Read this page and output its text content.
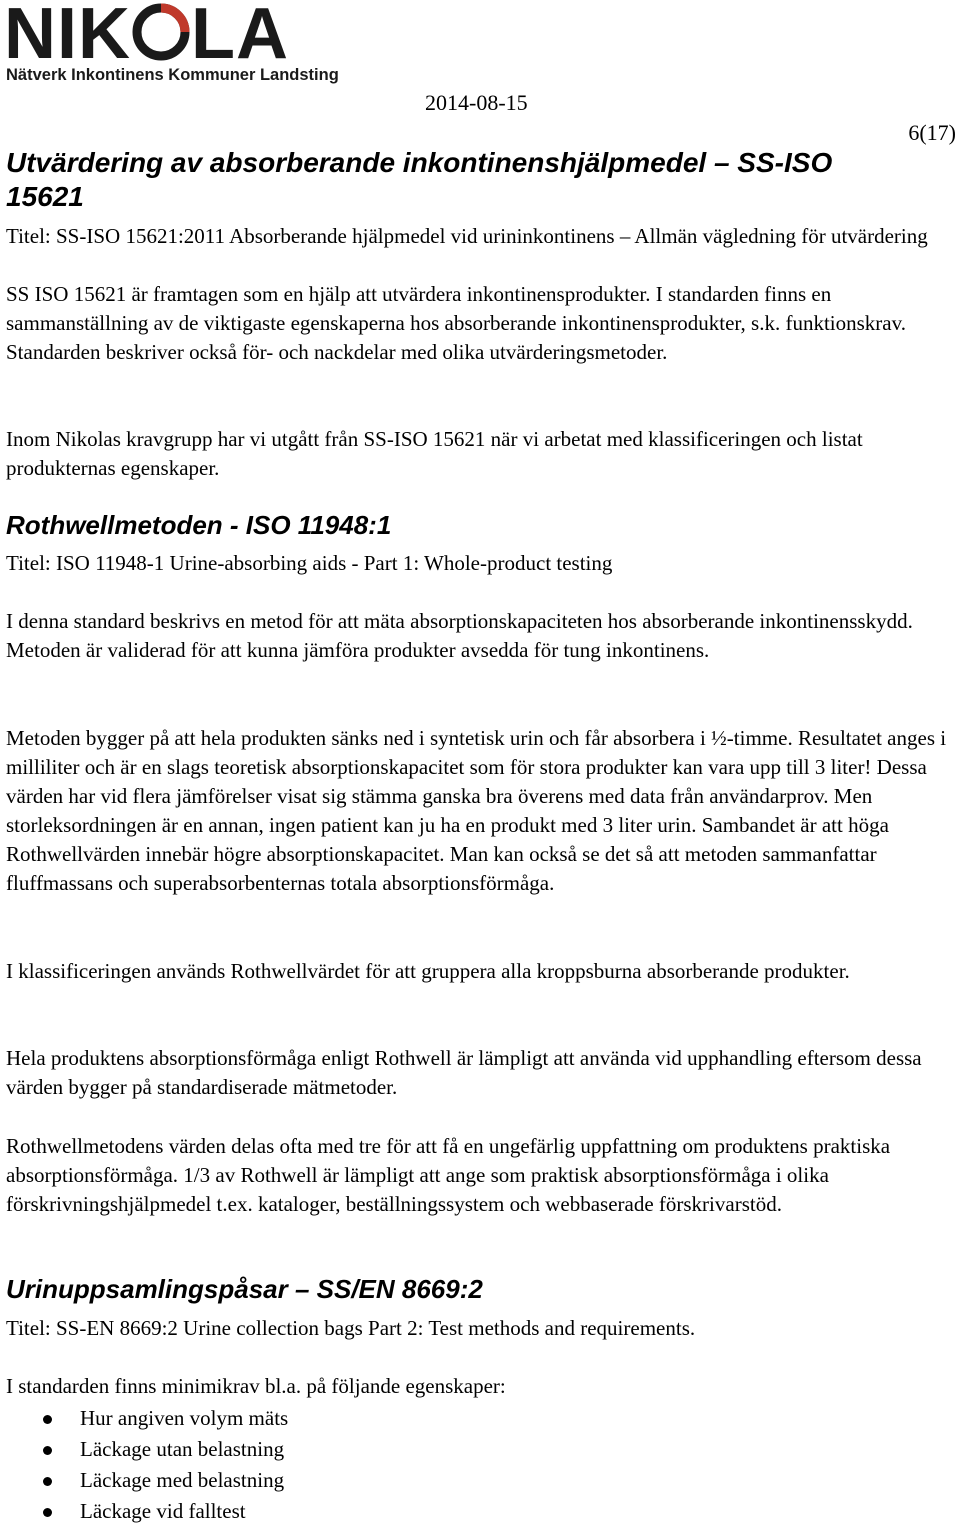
NIK LA
Nätverk Inkontinens Kommuner Landsting
2014-08-15
6(17)
Utvärdering av absorberande inkontinenshjälpmedel – SS-ISO 15621

Titel: SS-ISO 15621:2011 Absorberande hjälpmedel vid urininkontinens – Allmän vägledning för utvärdering

SS ISO 15621 är framtagen som en hjälp att utvärdera inkontinensprodukter. I standarden finns en sammanställning av de viktigaste egenskaperna hos absorberande inkontinensprodukter, s.k. funktionskrav. Standarden beskriver också för- och nackdelar med olika utvärderingsmetoder.

Inom Nikolas kravgrupp har vi utgått från SS-ISO 15621 när vi arbetat med klassificeringen och listat produkternas egenskaper.

Rothwellmetoden - ISO 11948:1

Titel: ISO 11948-1 Urine-absorbing aids - Part 1: Whole-product testing

I denna standard beskrivs en metod för att mäta absorptionskapaciteten hos absorberande inkontinensskydd. Metoden är validerad för att kunna jämföra produkter avsedda för tung inkontinens.

Metoden bygger på att hela produkten sänks ned i syntetisk urin och får absorbera i ½-timme. Resultatet anges i milliliter och är en slags teoretisk absorptionskapacitet som för stora produkter kan vara upp till 3 liter! Dessa värden har vid flera jämförelser visat sig stämma ganska bra överens med data från användarprov. Men storleksordningen är en annan, ingen patient kan ju ha en produkt med 3 liter urin. Sambandet är att höga Rothwellvärden innebär högre absorptionskapacitet. Man kan också se det så att metoden sammanfattar fluffmassans och superabsorbenternas totala absorptionsförmåga.

I klassificeringen används Rothwellvärdet för att gruppera alla kroppsburna absorberande produkter.

Hela produktens absorptionsförmåga enligt Rothwell är lämpligt att använda vid upphandling eftersom dessa värden bygger på standardiserade mätmetoder.

Rothwellmetodens värden delas ofta med tre för att få en ungefärlig uppfattning om produktens praktiska absorptionsförmåga. 1/3 av Rothwell är lämpligt att ange som praktisk absorptionsförmåga i olika förskrivningshjälpmedel t.ex. kataloger, beställningssystem och webbaserade förskrivarstöd.

Urinuppsamlingspåsar – SS/EN 8669:2

Titel: SS-EN 8669:2 Urine collection bags Part 2: Test methods and requirements.

I standarden finns minimikrav bl.a. på följande egenskaper:

Hur angiven volym mäts
Läckage utan belastning
Läckage med belastning
Läckage vid falltest
